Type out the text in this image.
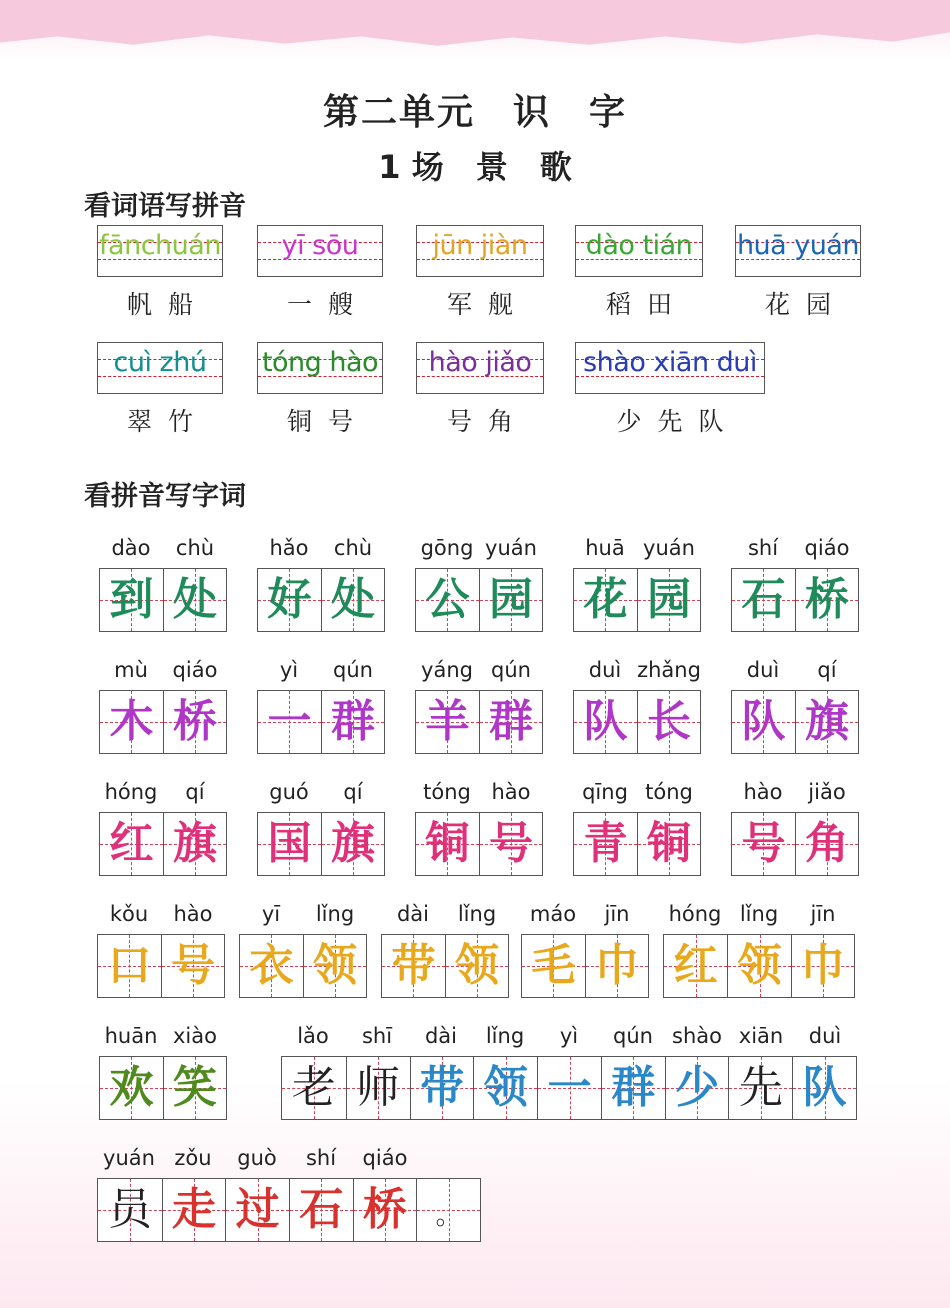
第二单元　识　字
1 场　景　歌
看词语写拼音
fānchuán
帆船
yī sōu
一艘
jūn jiàn
军舰
dào tián
稻田
huā yuán
花园
cuì zhú
翠竹
tóng hào
铜号
hào jiǎo
号角
shào xiān duì
少先队
看拼音写字词
dào	chù
到 处
hǎo	chù
好 处
gōng yuán
公 园
huā yuán
花 园
shí	qiáo
石 桥
mù	qiáo
木 桥
yì	qún
一 群
yáng qún
羊 群
duì zhǎng
队 长
duì	qí
队 旗
hóng	qí
红 旗
guó	qí
国 旗
tóng hào
铜 号
qīng tóng
青 铜
hào	jiǎo
号 角
kǒu	hào
口 号
yī	lǐng
衣 领
dài	lǐng
带 领
máo	jīn
毛 巾
hóng lǐng	jīn
红 领 巾
huān xiào
欢 笑
lǎo	shī	dài	lǐng	yì	qún shào xiān	duì
老 师 带 领 一 群 少 先 队
yuán zǒu	guò	shí	qiáo
员 走 过 石 桥	。
